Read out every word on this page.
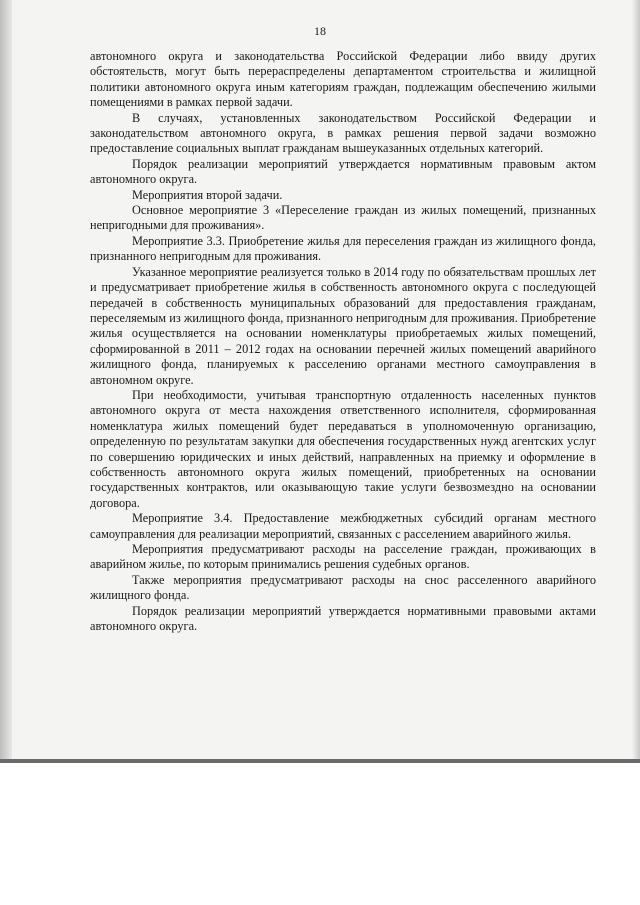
18

автономного округа и законодательства Российской Федерации либо ввиду других обстоятельств, могут быть перераспределены департаментом строительства и жилищной политики автономного округа иным категориям граждан, подлежащим обеспечению жилыми помещениями в рамках первой задачи.

В случаях, установленных законодательством Российской Федерации и законодательством автономного округа, в рамках решения первой задачи возможно предоставление социальных выплат гражданам вышеуказанных отдельных категорий.

Порядок реализации мероприятий утверждается нормативным правовым актом автономного округа.

Мероприятия второй задачи.

Основное мероприятие 3 «Переселение граждан из жилых помещений, признанных непригодными для проживания».

Мероприятие 3.3. Приобретение жилья для переселения граждан из жилищного фонда, признанного непригодным для проживания.

Указанное мероприятие реализуется только в 2014 году по обязательствам прошлых лет и предусматривает приобретение жилья в собственность автономного округа с последующей передачей в собственность муниципальных образований для предоставления гражданам, переселяемым из жилищного фонда, признанного непригодным для проживания. Приобретение жилья осуществляется на основании номенклатуры приобретаемых жилых помещений, сформированной в 2011 – 2012 годах на основании перечней жилых помещений аварийного жилищного фонда, планируемых к расселению органами местного самоуправления в автономном округе.

При необходимости, учитывая транспортную отдаленность населенных пунктов автономного округа от места нахождения ответственного исполнителя, сформированная номенклатура жилых помещений будет передаваться в уполномоченную организацию, определенную по результатам закупки для обеспечения государственных нужд агентских услуг по совершению юридических и иных действий, направленных на приемку и оформление в собственность автономного округа жилых помещений, приобретенных на основании государственных контрактов, или оказывающую такие услуги безвозмездно на основании договора.

Мероприятие 3.4. Предоставление межбюджетных субсидий органам местного самоуправления для реализации мероприятий, связанных с расселением аварийного жилья.

Мероприятия предусматривают расходы на расселение граждан, проживающих в аварийном жилье, по которым принимались решения судебных органов.

Также мероприятия предусматривают расходы на снос расселенного аварийного жилищного фонда.

Порядок реализации мероприятий утверждается нормативными правовыми актами автономного округа.
